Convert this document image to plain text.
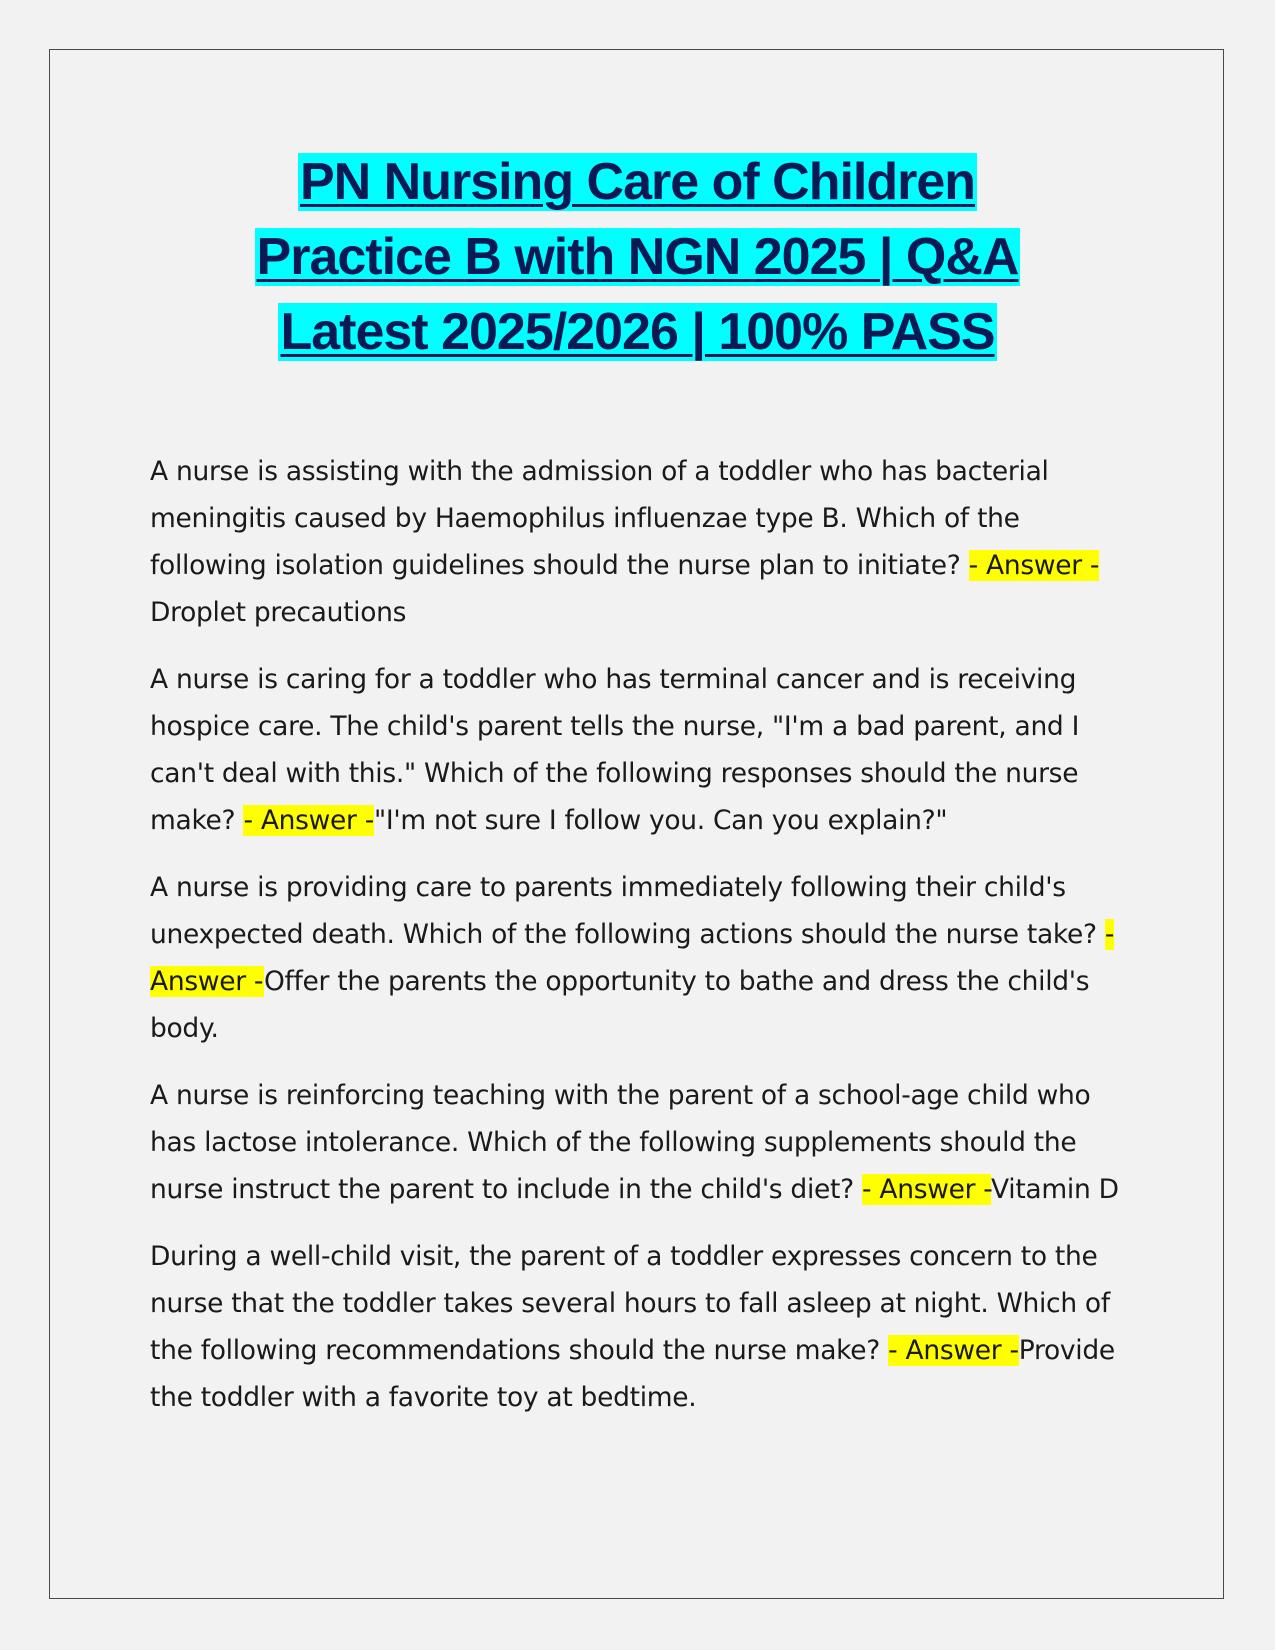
PN Nursing Care of Children
Practice B with NGN 2025 | Q&A
Latest 2025/2026 | 100% PASS

A nurse is assisting with the admission of a toddler who has bacterial meningitis caused by Haemophilus influenzae type B. Which of the following isolation guidelines should the nurse plan to initiate? - Answer -Droplet precautions

A nurse is caring for a toddler who has terminal cancer and is receiving hospice care. The child's parent tells the nurse, "I'm a bad parent, and I can't deal with this." Which of the following responses should the nurse make? - Answer -"I'm not sure I follow you. Can you explain?"

A nurse is providing care to parents immediately following their child's unexpected death. Which of the following actions should the nurse take? - Answer -Offer the parents the opportunity to bathe and dress the child's body.

A nurse is reinforcing teaching with the parent of a school-age child who has lactose intolerance. Which of the following supplements should the nurse instruct the parent to include in the child's diet? - Answer -Vitamin D

During a well-child visit, the parent of a toddler expresses concern to the nurse that the toddler takes several hours to fall asleep at night. Which of the following recommendations should the nurse make? - Answer -Provide the toddler with a favorite toy at bedtime.
